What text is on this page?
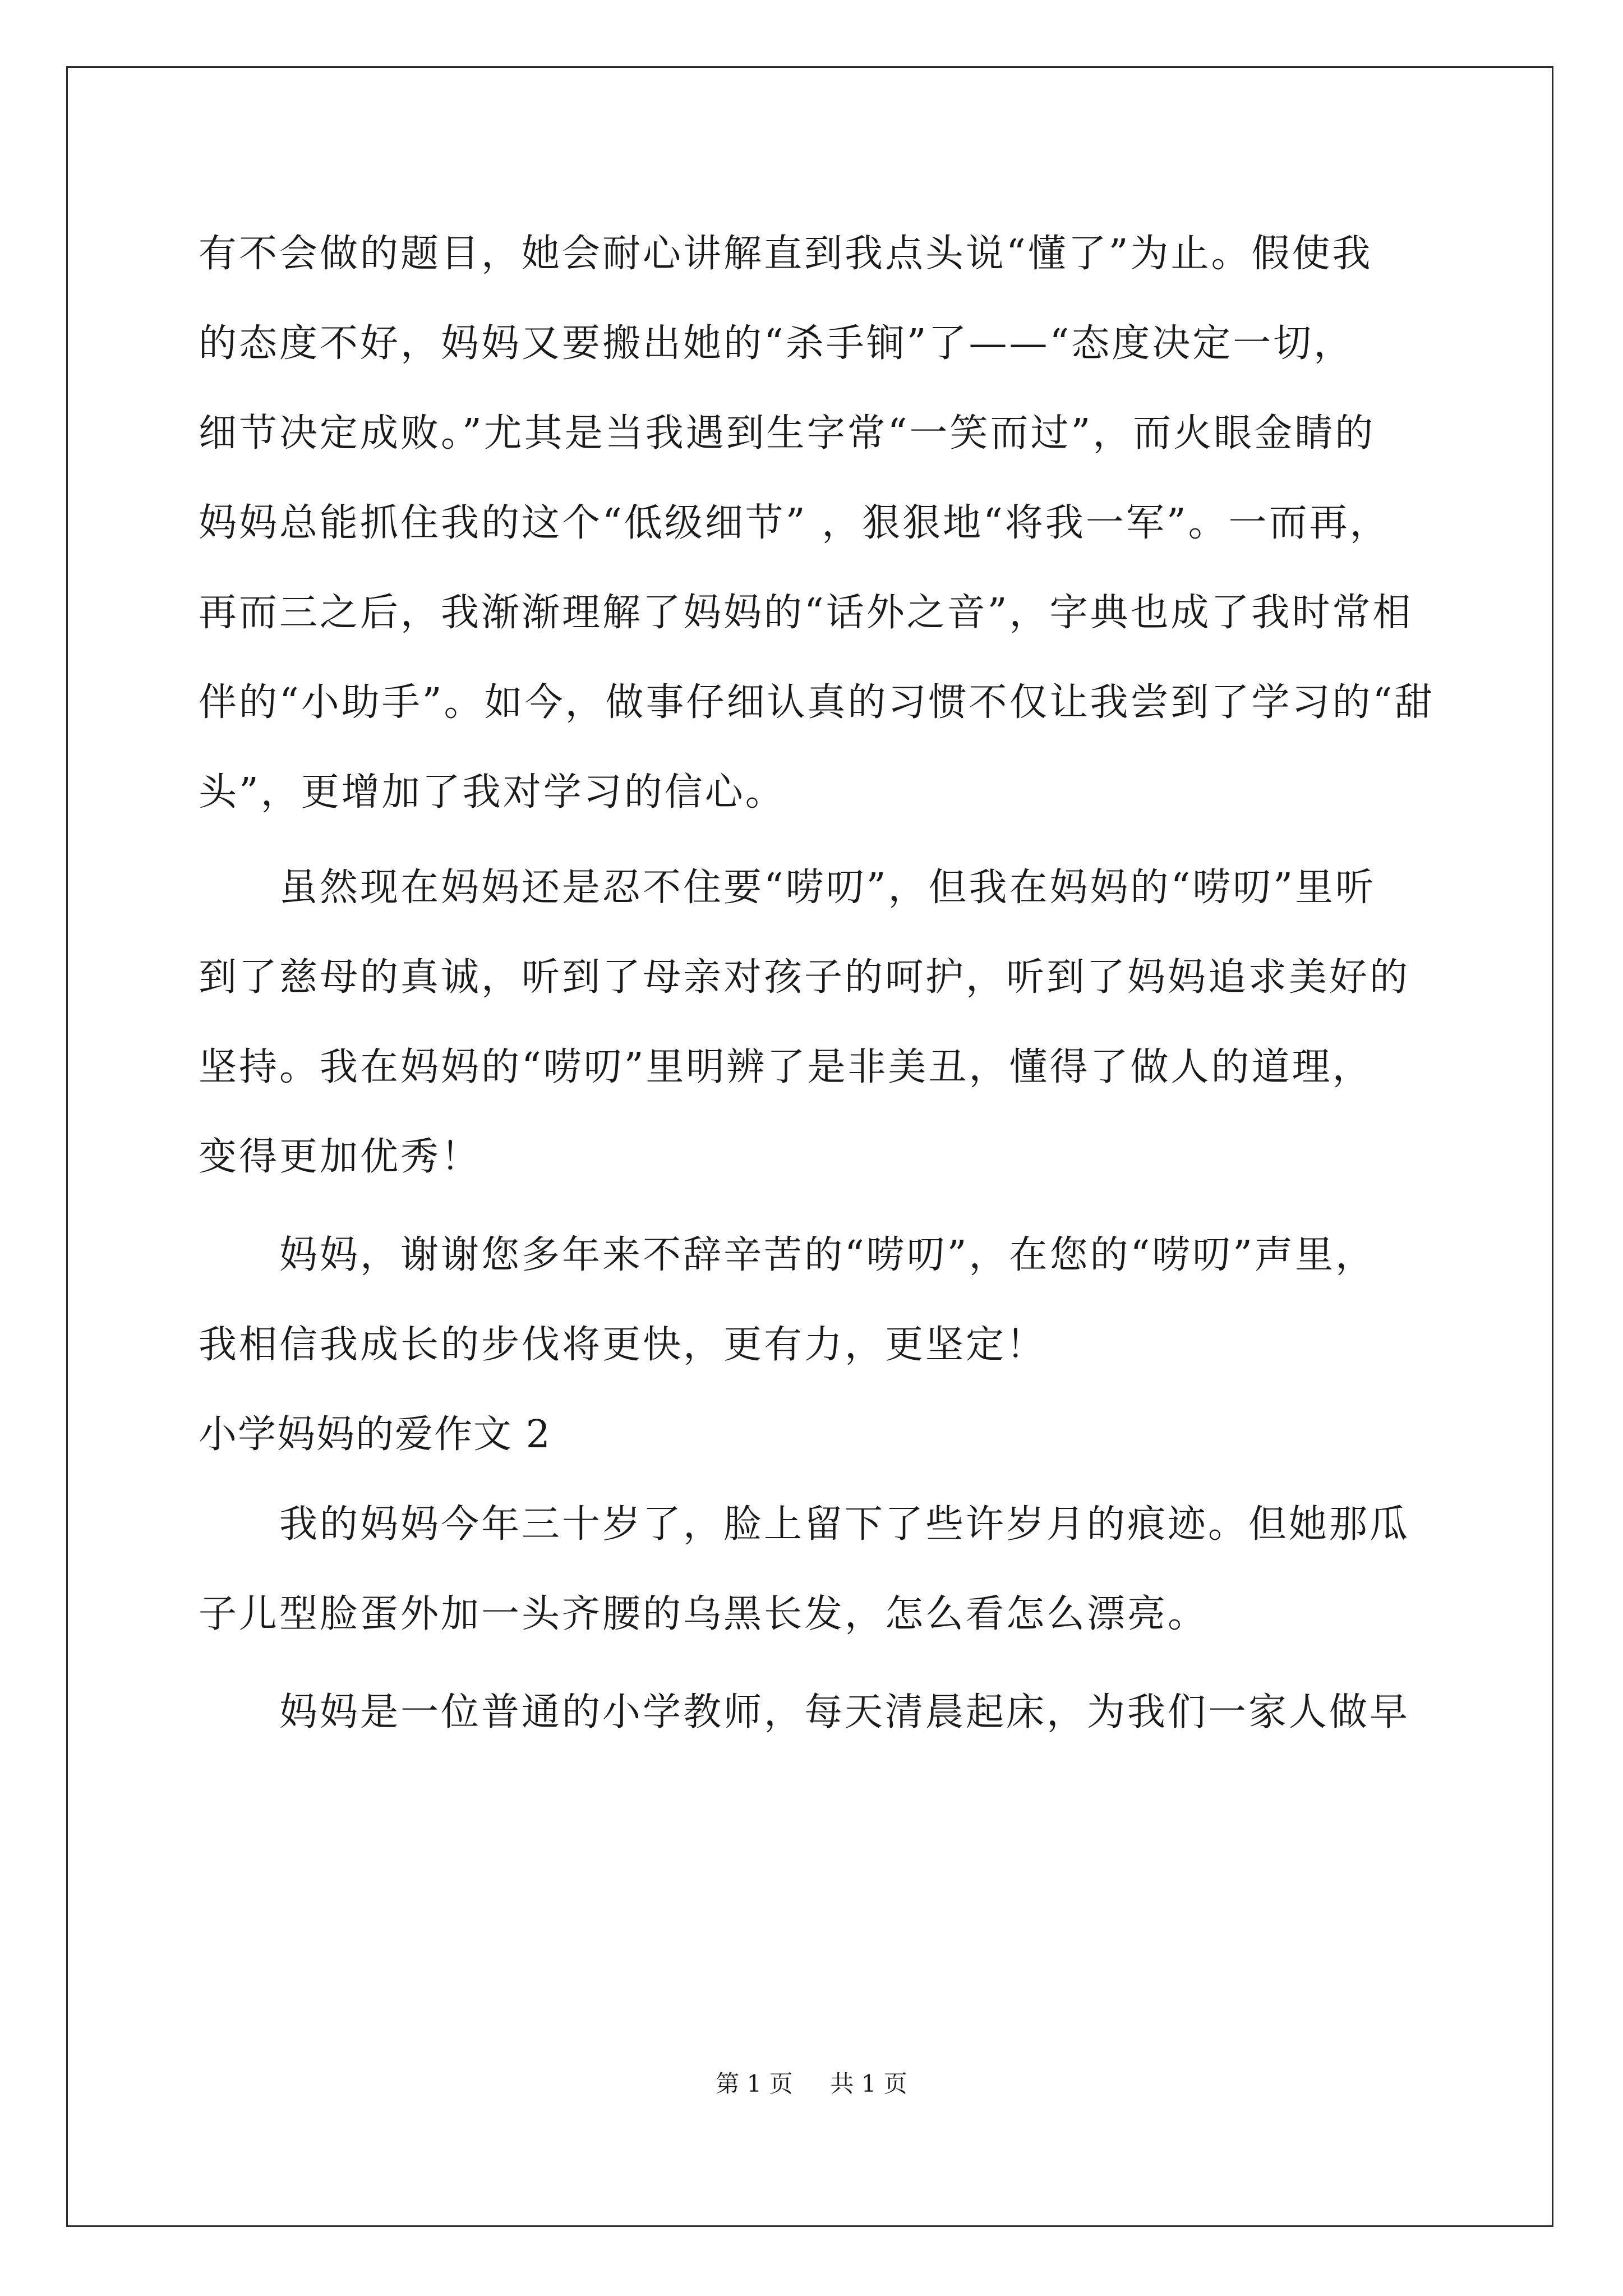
有不会做的题目，她会耐心讲解直到我点头说“懂了”为止。假使我
的态度不好，妈妈又要搬出她的“杀手锏”了——“态度决定一切，
细节决定成败。”尤其是当我遇到生字常“一笑而过”，而火眼金睛的
妈妈总能抓住我的这个“低级细节” ，狠狠地“将我一军”。一而再，
再而三之后，我渐渐理解了妈妈的“话外之音”，字典也成了我时常相
伴的“小助手”。如今，做事仔细认真的习惯不仅让我尝到了学习的“甜
头”，更增加了我对学习的信心。
虽然现在妈妈还是忍不住要“唠叨”，但我在妈妈的“唠叨”里听
到了慈母的真诚，听到了母亲对孩子的呵护，听到了妈妈追求美好的
坚持。我在妈妈的“唠叨”里明辨了是非美丑，懂得了做人的道理，
变得更加优秀！
妈妈，谢谢您多年来不辞辛苦的“唠叨”，在您的“唠叨”声里，
我相信我成长的步伐将更快，更有力，更坚定！
小学妈妈的爱作文 2
我的妈妈今年三十岁了，脸上留下了些许岁月的痕迹。但她那瓜
子儿型脸蛋外加一头齐腰的乌黑长发，怎么看怎么漂亮。
妈妈是一位普通的小学教师，每天清晨起床，为我们一家人做早
第 1 页 共 1 页
